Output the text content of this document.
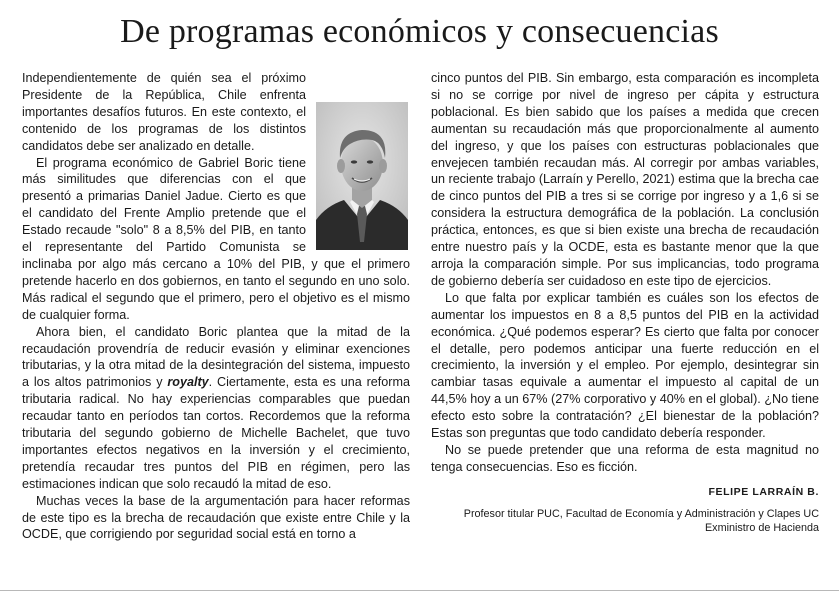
De programas económicos y consecuencias

Independientemente de quién sea el próximo Presidente de la República, Chile enfrenta importantes desafíos futuros. En este contexto, el contenido de los programas de los distintos candidatos debe ser analizado en detalle.

El programa económico de Gabriel Boric tiene más similitudes que diferencias con el que presentó a primarias Daniel Jadue. Cierto es que el candidato del Frente Amplio pretende que el Estado recaude "solo" 8 a 8,5% del PIB, en tanto el representante del Partido Comunista se inclinaba por algo más cercano a 10% del PIB, y que el primero pretende hacerlo en dos gobiernos, en tanto el segundo en uno solo. Más radical el segundo que el primero, pero el objetivo es el mismo de cualquier forma.

Ahora bien, el candidato Boric plantea que la mitad de la recaudación provendría de reducir evasión y eliminar exenciones tributarias, y la otra mitad de la desintegración del sistema, impuesto a los altos patrimonios y royalty. Ciertamente, esta es una reforma tributaria radical. No hay experiencias comparables que puedan recaudar tanto en períodos tan cortos. Recordemos que la reforma tributaria del segundo gobierno de Michelle Bachelet, que tuvo importantes efectos negativos en la inversión y el crecimiento, pretendía recaudar tres puntos del PIB en régimen, pero las estimaciones indican que solo recaudó la mitad de eso.

Muchas veces la base de la argumentación para hacer reformas de este tipo es la brecha de recaudación que existe entre Chile y la OCDE, que corrigiendo por seguridad social está en torno a

cinco puntos del PIB. Sin embargo, esta comparación es incompleta si no se corrige por nivel de ingreso per cápita y estructura poblacional. Es bien sabido que los países a medida que crecen aumentan su recaudación más que proporcionalmente al aumento del ingreso, y que los países con estructuras poblacionales que envejecen también recaudan más. Al corregir por ambas variables, un reciente trabajo (Larraín y Perello, 2021) estima que la brecha cae de cinco puntos del PIB a tres si se corrige por ingreso y a 1,6 si se considera la estructura demográfica de la población. La conclusión práctica, entonces, es que si bien existe una brecha de recaudación entre nuestro país y la OCDE, esta es bastante menor que la que arroja la comparación simple. Por sus implicancias, todo programa de gobierno debería ser cuidadoso en este tipo de ejercicios.

Lo que falta por explicar también es cuáles son los efectos de aumentar los impuestos en 8 a 8,5 puntos del PIB en la actividad económica. ¿Qué podemos esperar? Es cierto que falta por conocer el detalle, pero podemos anticipar una fuerte reducción en el crecimiento, la inversión y el empleo. Por ejemplo, desintegrar sin cambiar tasas equivale a aumentar el impuesto al capital de un 44,5% hoy a un 67% (27% corporativo y 40% en el global). ¿No tiene efecto esto sobre la contratación? ¿El bienestar de la población? Estas son preguntas que todo candidato debería responder.

No se puede pretender que una reforma de esta magnitud no tenga consecuencias. Eso es ficción.

FELIPE LARRAÍN B.
Profesor titular PUC, Facultad de Economía y Administración y Clapes UC
Exministro de Hacienda
